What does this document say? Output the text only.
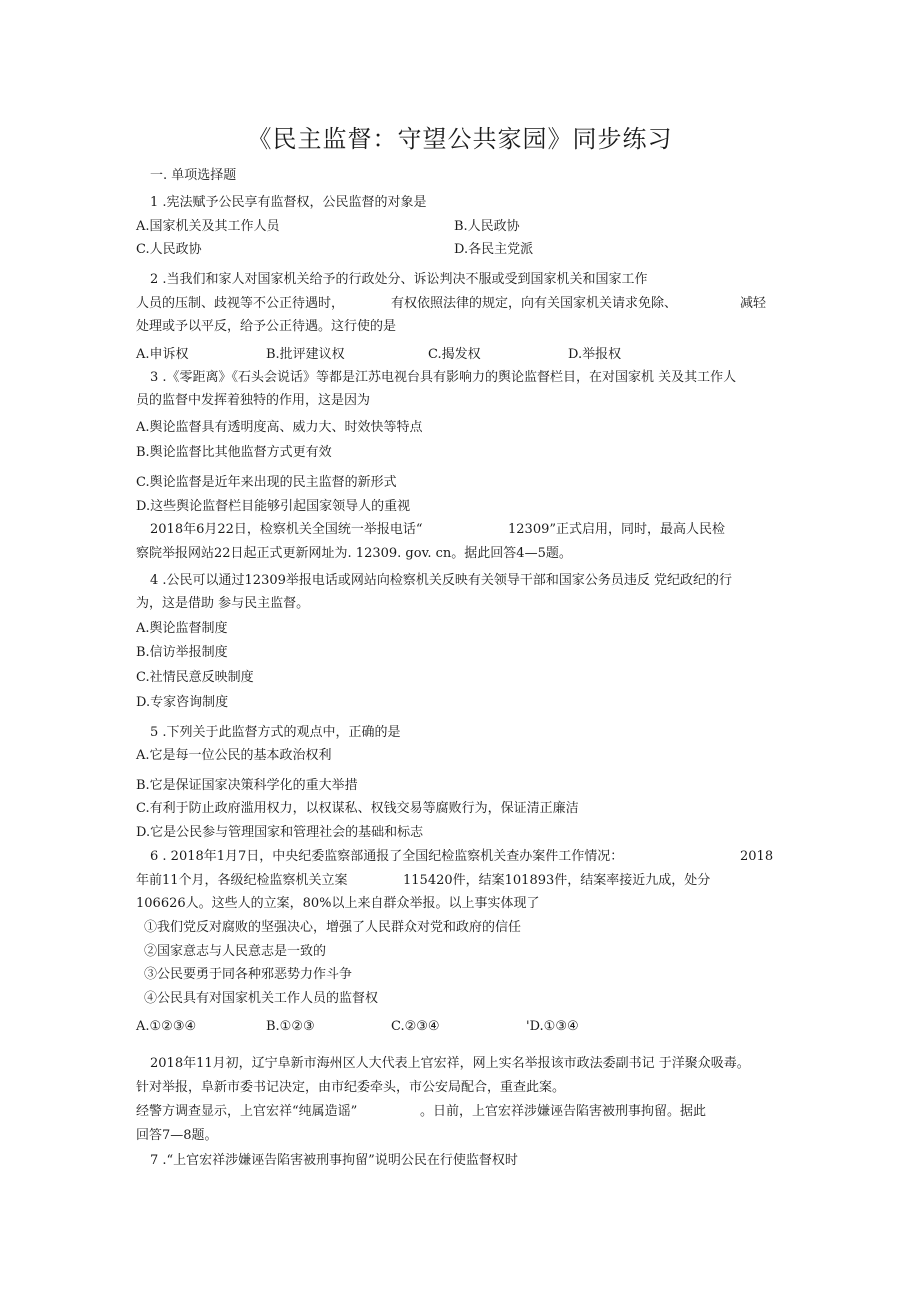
《民主监督：守望公共家园》同步练习
一. 单项选择题
1 .宪法赋予公民享有监督权，公民监督的对象是
A.国家机关及其工作人员	B.人民政协
C.人民政协	D.各民主党派
2 .当我们和家人对国家机关给予的行政处分、诉讼判决不服或受到国家机关和国家工作
人员的压制、歧视等不公正待遇时，	有权依照法律的规定，向有关国家机关请求免除、	减轻
处理或予以平反，给予公正待遇。这行使的是
A.申诉权	B.批评建议权	C.揭发权	D.举报权
3 .《零距离》《石头会说话》等都是江苏电视台具有影响力的舆论监督栏目，在对国家机 关及其工作人
员的监督中发挥着独特的作用，这是因为
A.舆论监督具有透明度高、威力大、时效快等特点
B.舆论监督比其他监督方式更有效
C.舆论监督是近年来出现的民主监督的新形式
D.这些舆论监督栏目能够引起国家领导人的重视
2018年6月22日，检察机关全国统一举报电话“	12309”正式启用，同时，最高人民检
察院举报网站22日起正式更新网址为. 12309. gov. cn。据此回答4—5题。
4 .公民可以通过12309举报电话或网站向检察机关反映有关领导干部和国家公务员违反 党纪政纪的行
为，这是借助 参与民主监督。
A.舆论监督制度
B.信访举报制度
C.社情民意反映制度
D.专家咨询制度
5 .下列关于此监督方式的观点中，正确的是
A.它是每一位公民的基本政治权利
B.它是保证国家决策科学化的重大举措
C.有利于防止政府滥用权力，以权谋私、权钱交易等腐败行为，保证清正廉洁
D.它是公民参与管理国家和管理社会的基础和标志
6 . 2018年1月7日，中央纪委监察部通报了全国纪检监察机关查办案件工作情况：	2018
年前11个月，各级纪检监察机关立案	115420件，结案101893件，结案率接近九成，处分
106626人。这些人的立案，80%以上来自群众举报。以上事实体现了
①我们党反对腐败的坚强决心，增强了人民群众对党和政府的信任
②国家意志与人民意志是一致的
③公民要勇于同各种邪恶势力作斗争
④公民具有对国家机关工作人员的监督权
A.①②③④	B.①②③	C.②③④	'D.①③④
2018年11月初，辽宁阜新市海州区人大代表上官宏祥，网上实名举报该市政法委副书记 于洋聚众吸毒。
针对举报，阜新市委书记决定，由市纪委牵头，市公安局配合，重查此案。
经警方调查显示，上官宏祥“纯属造谣”	。日前，上官宏祥涉嫌诬告陷害被刑事拘留。据此
回答7—8题。
7 .“上官宏祥涉嫌诬告陷害被刑事拘留”说明公民在行使监督权时
